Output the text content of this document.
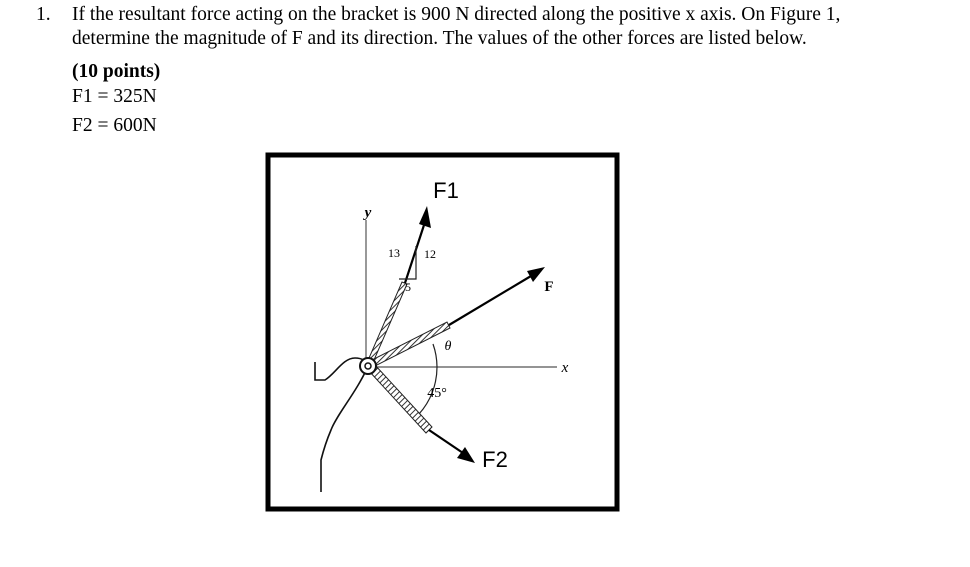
1. If the resultant force acting on the bracket is 900 N directed along the positive x axis. On Figure 1,
determine the magnitude of F and its direction. The values of the other forces are listed below.
(10 points)
F1 = 325N
F2 = 600N
F1
F
F2
y
x
θ
45°
13 12
5
